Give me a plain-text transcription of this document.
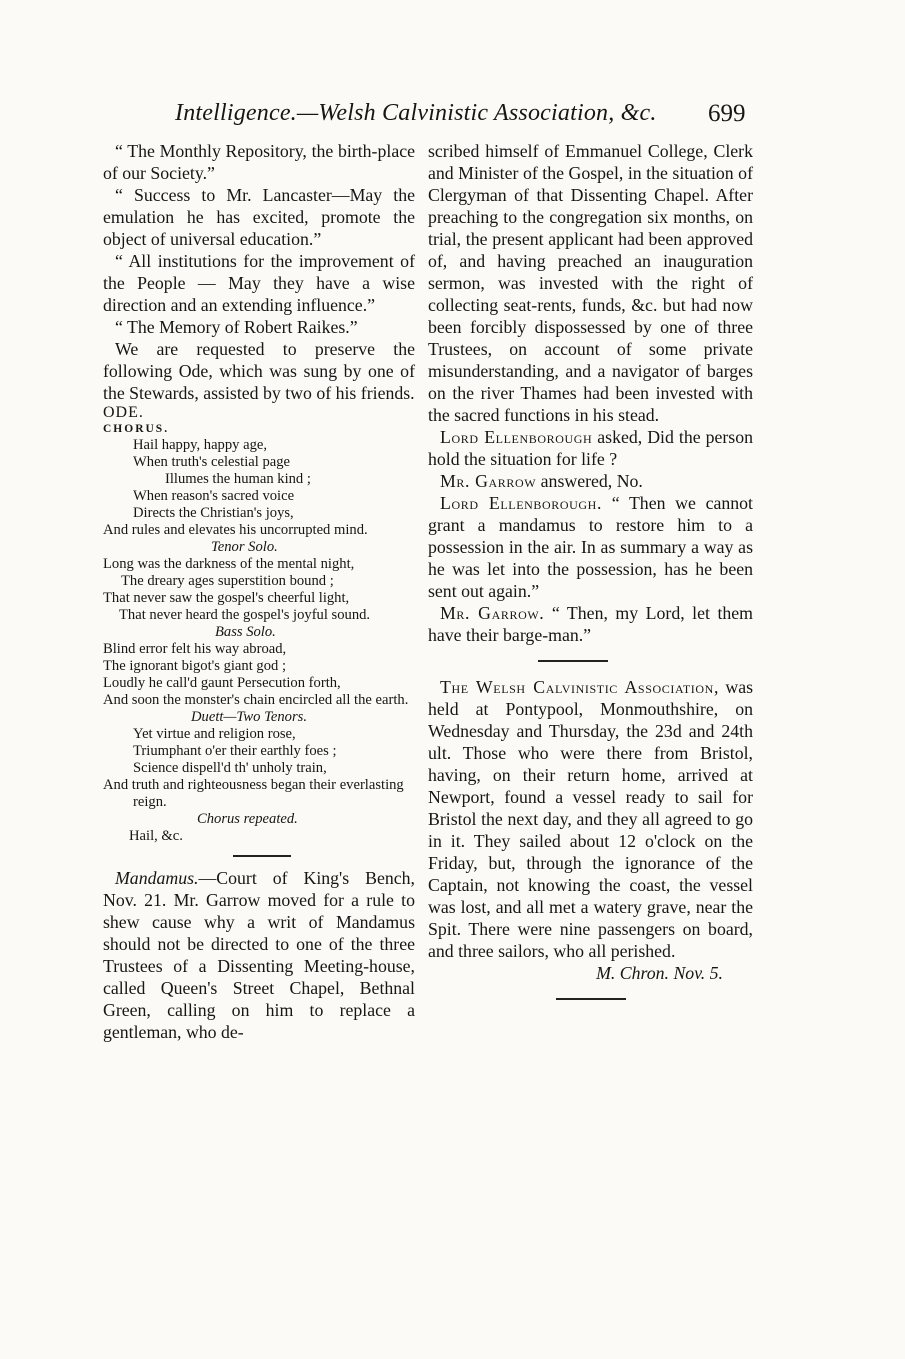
Intelligence.—Welsh Calvinistic Association, &c. 699

“ The Monthly Repository, the birth-place of our Society.”

“ Success to Mr. Lancaster—May the emulation he has excited, promote the object of universal education.”

“ All institutions for the improvement of the People — May they have a wise direction and an extending influence.”

“ The Memory of Robert Raikes.”

We are requested to preserve the following Ode, which was sung by one of the Stewards, assisted by two of his friends.

ODE.

CHORUS.

Hail happy, happy age,

When truth's celestial page

Illumes the human kind ;

When reason's sacred voice

Directs the Christian's joys,

And rules and elevates his uncorrupted mind.

Tenor Solo.

Long was the darkness of the mental night,

The dreary ages superstition bound ;

That never saw the gospel's cheerful light,

That never heard the gospel's joyful sound.

Bass Solo.

Blind error felt his way abroad,

The ignorant bigot's giant god ;

Loudly he call'd gaunt Persecution forth,

And soon the monster's chain encircled all the earth.

Duett—Two Tenors.

Yet virtue and religion rose,

Triumphant o'er their earthly foes ;

Science dispell'd th' unholy train,

And truth and righteousness began their everlasting reign.

Chorus repeated.

Hail, &c.

Mandamus.—Court of King's Bench, Nov. 21. Mr. Garrow moved for a rule to shew cause why a writ of Mandamus should not be directed to one of the three Trustees of a Dissenting Meeting-house, called Queen's Street Chapel, Bethnal Green, calling on him to replace a gentleman, who de-

scribed himself of Emmanuel College, Clerk and Minister of the Gospel, in the situation of Clergyman of that Dissenting Chapel. After preaching to the congregation six months, on trial, the present applicant had been approved of, and having preached an inauguration sermon, was invested with the right of collecting seat-rents, funds, &c. but had now been forcibly dispossessed by one of three Trustees, on account of some private misunderstanding, and a navigator of barges on the river Thames had been invested with the sacred functions in his stead.

Lord Ellenborough asked, Did the person hold the situation for life ?

Mr. Garrow answered, No.

Lord Ellenborough. “ Then we cannot grant a mandamus to restore him to a possession in the air. In as summary a way as he was let into the possession, has he been sent out again.”

Mr. Garrow. “ Then, my Lord, let them have their barge-man.”

The Welsh Calvinistic Association, was held at Pontypool, Monmouthshire, on Wednesday and Thursday, the 23d and 24th ult. Those who were there from Bristol, having, on their return home, arrived at Newport, found a vessel ready to sail for Bristol the next day, and they all agreed to go in it. They sailed about 12 o'clock on the Friday, but, through the ignorance of the Captain, not knowing the coast, the vessel was lost, and all met a watery grave, near the Spit. There were nine passengers on board, and three sailors, who all perished.

M. Chron. Nov. 5.
